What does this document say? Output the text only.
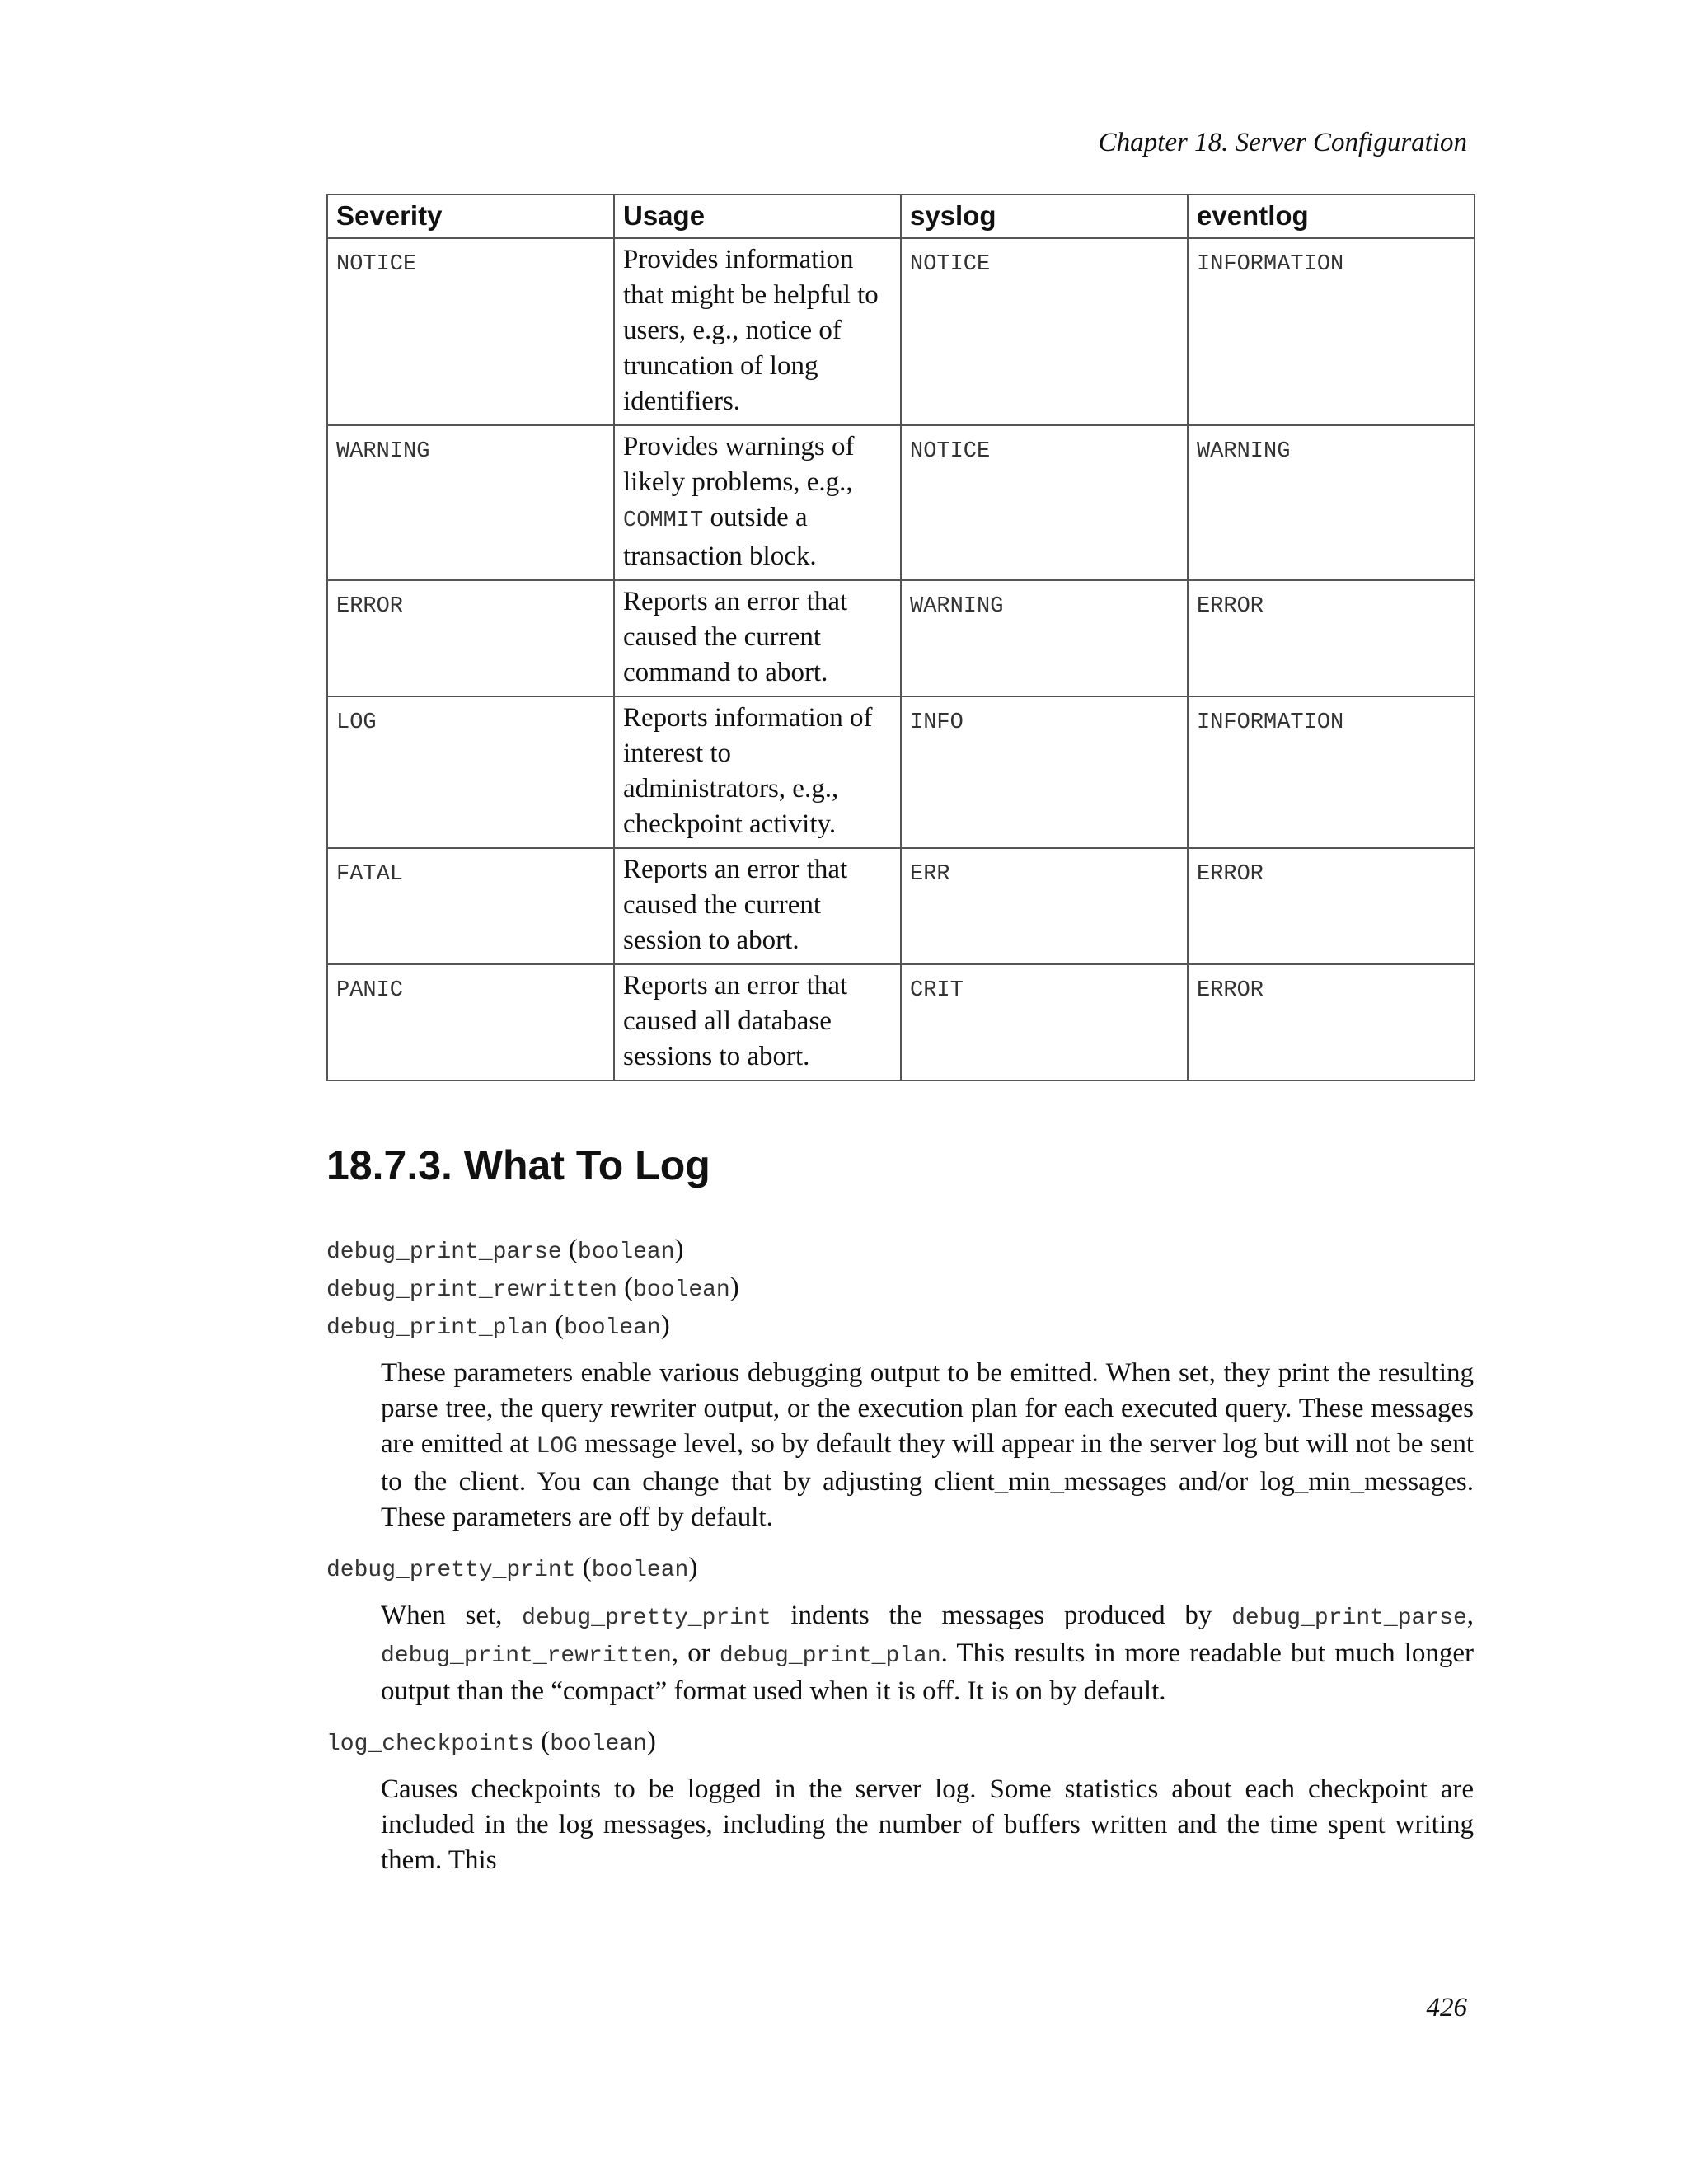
Chapter 18. Server Configuration
Severity	Usage	syslog	eventlog
NOTICE	Provides information
that might be helpful to
users, e.g., notice of
truncation of long
identifiers.	NOTICE	INFORMATION
WARNING	Provides warnings of
likely problems, e.g.,
COMMIT outside a
transaction block.	NOTICE	WARNING
ERROR	Reports an error that
caused the current
command to abort.	WARNING	ERROR
LOG	Reports information of
interest to
administrators, e.g.,
checkpoint activity.	INFO	INFORMATION
FATAL	Reports an error that
caused the current
session to abort.	ERR	ERROR
PANIC	Reports an error that
caused all database
sessions to abort.	CRIT	ERROR
18.7.3. What To Log

debug_print_parse (boolean)

debug_print_rewritten (boolean)

debug_print_plan (boolean)

These parameters enable various debugging output to be emitted. When set, they print the resulting parse tree, the query rewriter output, or the execution plan for each executed query. These messages are emitted at LOG message level, so by default they will appear in the server log but will not be sent to the client. You can change that by adjusting client_min_messages and/or log_min_messages. These parameters are off by default.

debug_pretty_print (boolean)

When set, debug_pretty_print indents the messages produced by debug_print_parse, debug_print_rewritten, or debug_print_plan. This results in more readable but much longer output than the “compact” format used when it is off. It is on by default.

log_checkpoints (boolean)

Causes checkpoints to be logged in the server log. Some statistics about each checkpoint are included in the log messages, including the number of buffers written and the time spent writing them. This

426
